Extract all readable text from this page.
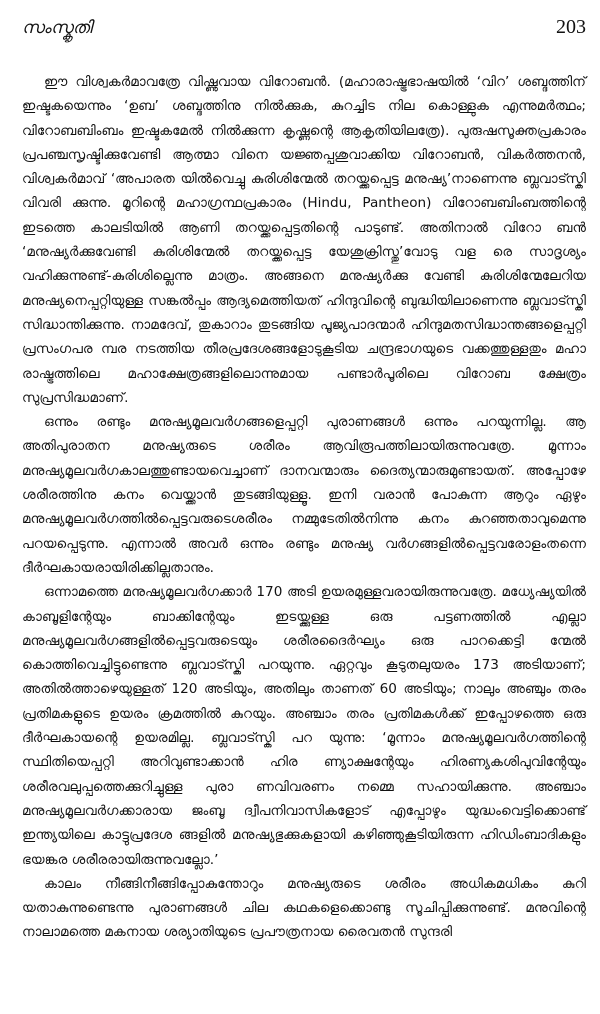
സംസ്കൃതി	203

ഈ വിശ്വകർമാവത്രേ വിഷ്ണുവായ വിറോബൻ. (മഹാരാഷ്ട്രഭാഷയിൽ ‘വിറ’ ശബ്ദത്തിന് ഇഷ്ടകയെന്നും ‘ഉബ’ ശബ്ദത്തിനു നിൽക്കുക, കുറച്ചിട നില കൊള്ളുക എന്നുമർത്ഥം; വിറോബബിംബം ഇഷ്ടകമേൽ നിൽക്കുന്ന കൃഷ്ണന്റെ ആകൃതിയിലത്രേ). പുരുഷസൂക്തപ്രകാരം പ്രപഞ്ചസൃഷ്ടിക്കുവേണ്ടി ആത്മാ വിനെ യജ്ഞപ്പശുവാക്കിയ വിറോബൻ, വികർത്തനൻ, വിശ്വകർമാവ് ‘അപാരത യിൽവെച്ചു കുരിശിന്മേൽ തറയ്ക്കപ്പെട്ട മനുഷ്യ’നാണെന്നു ബ്ലവാട്സ്കി വിവരി ക്കുന്നു. മൂറിന്റെ മഹാഗ്രന്ഥപ്രകാരം (Hindu, Pantheon) വിറോബബിംബത്തിന്റെ ഇടത്തെ കാലടിയിൽ ആണി തറയ്ക്കപ്പെട്ടതിന്റെ പാടുണ്ട്. അതിനാൽ വിറോ ബൻ ‘മനുഷ്യർക്കുവേണ്ടി കുരിശിന്മേൽ തറയ്ക്കപ്പെട്ട യേശുക്രിസ്തു’വോടു വള രെ സാദൃശ്യം വഹിക്കുന്നുണ്ട്-കുരിശില്ലെന്നു മാത്രം. അങ്ങനെ മനുഷ്യർക്കു വേണ്ടി കുരിശിന്മേലേറിയ മനുഷ്യനെപ്പറ്റിയുള്ള സങ്കൽപ്പം ആദ്യമെത്തിയത് ഹിന്ദുവിന്റെ ബുദ്ധിയിലാണെന്നു ബ്ലവാട്സ്കി സിദ്ധാന്തിക്കുന്നു. നാമദേവ്, തുകാറാം തുടങ്ങിയ പൂജ്യപാദന്മാർ ഹിന്ദുമതസിദ്ധാന്തങ്ങളെപ്പറ്റി പ്രസംഗപര മ്പര നടത്തിയ തീരപ്രദേശങ്ങളോടുകൂടിയ ചന്ദ്രഭാഗയുടെ വക്കത്തുള്ളതും മഹാ രാഷ്ട്രത്തിലെ മഹാക്ഷേത്രങ്ങളിലൊന്നുമായ പണ്ടാർപൂരിലെ വിറോബ ക്ഷേത്രം സുപ്രസിദ്ധമാണ്.

ഒന്നും രണ്ടും മനുഷ്യമൂലവർഗങ്ങളെപ്പറ്റി പുരാണങ്ങൾ ഒന്നും പറയുന്നില്ല. ആ അതിപുരാതന മനുഷ്യരുടെ ശരീരം ആവിരൂപത്തിലായിരുന്നുവത്രേ. മൂന്നാം മനുഷ്യമൂലവർഗകാലത്തുണ്ടായവെച്ചാണ് ദാനവന്മാരും ദൈത്യന്മാരുമുണ്ടായത്. അപ്പോഴേ ശരീരത്തിനു കനം വെയ്ക്കാൻ തുടങ്ങിയുള്ളൂ. ഇനി വരാൻ പോകുന്ന ആറും ഏഴും മനുഷ്യമൂലവർഗത്തിൽപ്പെട്ടവരുടെശരീരം നമ്മുടേതിൽനിന്നു കനം കുറഞ്ഞതാവുമെന്നു പറയപ്പെടുന്നു. എന്നാൽ അവർ ഒന്നും രണ്ടും മനുഷ്യ വർഗങ്ങളിൽപ്പെട്ടവരോളംതന്നെ ദീർഘകായരായിരിക്കില്ലതാനും.

ഒന്നാമത്തെ മനുഷ്യമൂലവർഗക്കാർ 170 അടി ഉയരമുള്ളവരായിരുന്നുവത്രേ. മധ്യേഷ്യയിൽ കാബൂളിന്റേയും ബാക്കിന്റേയും ഇടയ്ക്കുള്ള ഒരു പട്ടണത്തിൽ എല്ലാ മനുഷ്യമൂലവർഗങ്ങളിൽപ്പെട്ടവരുടെയും ശരീരദൈർഘ്യം ഒരു പാറക്കെട്ടി ന്മേൽ കൊത്തിവെച്ചിട്ടുണ്ടെന്നു ബ്ലവാട്സ്കി പറയുന്നു. ഏറ്റവും കൂടുതലുയരം 173 അടിയാണ്; അതിൽത്താഴെയുള്ളത് 120 അടിയും, അതിലും താണത് 60 അടിയും; നാലും അഞ്ചും തരം പ്രതിമകളുടെ ഉയരം ക്രമത്തിൽ കുറയും. അഞ്ചാം തരം പ്രതിമകൾക്ക് ഇപ്പോഴത്തെ ഒരു ദീർഘകായന്റെ ഉയരമില്ല. ബ്ലവാട്സ്കി പറ യുന്നു: ‘മൂന്നാം മനുഷ്യമൂലവർഗത്തിന്റെ സ്ഥിതിയെപ്പറ്റി അറിവുണ്ടാക്കാൻ ഹിര ണ്യാക്ഷന്റേയും ഹിരണ്യകശിപുവിന്റേയും ശരീരവലുപ്പത്തെക്കുറിച്ചുള്ള പുരാ ണവിവരണം നമ്മെ സഹായിക്കുന്നു. അഞ്ചാം മനുഷ്യമൂലവർഗക്കാരായ ജംബൂ ദ്വീപനിവാസികളോട് എപ്പോഴും യുദ്ധംവെട്ടിക്കൊണ്ട് ഇന്ത്യയിലെ കാട്ടുപ്രദേശ ങ്ങളിൽ മനുഷ്യഭുക്കുകളായി കഴിഞ്ഞുകൂടിയിരുന്ന ഹിഡിംബാദികളും ഭയങ്കര ശരീരരായിരുന്നുവല്ലോ.’

കാലം നീങ്ങിനീങ്ങിപ്പോകുന്തോറും മനുഷ്യരുടെ ശരീരം അധികമധികം കുറി യതാകുന്നുണ്ടെന്നു പുരാണങ്ങൾ ചില കഥകളെക്കൊണ്ടു സൂചിപ്പിക്കുന്നുണ്ട്. മനുവിന്റെ നാലാമത്തെ മകനായ ശര്യാതിയുടെ പ്രപൗത്രനായ രൈവതൻ സുന്ദരി
